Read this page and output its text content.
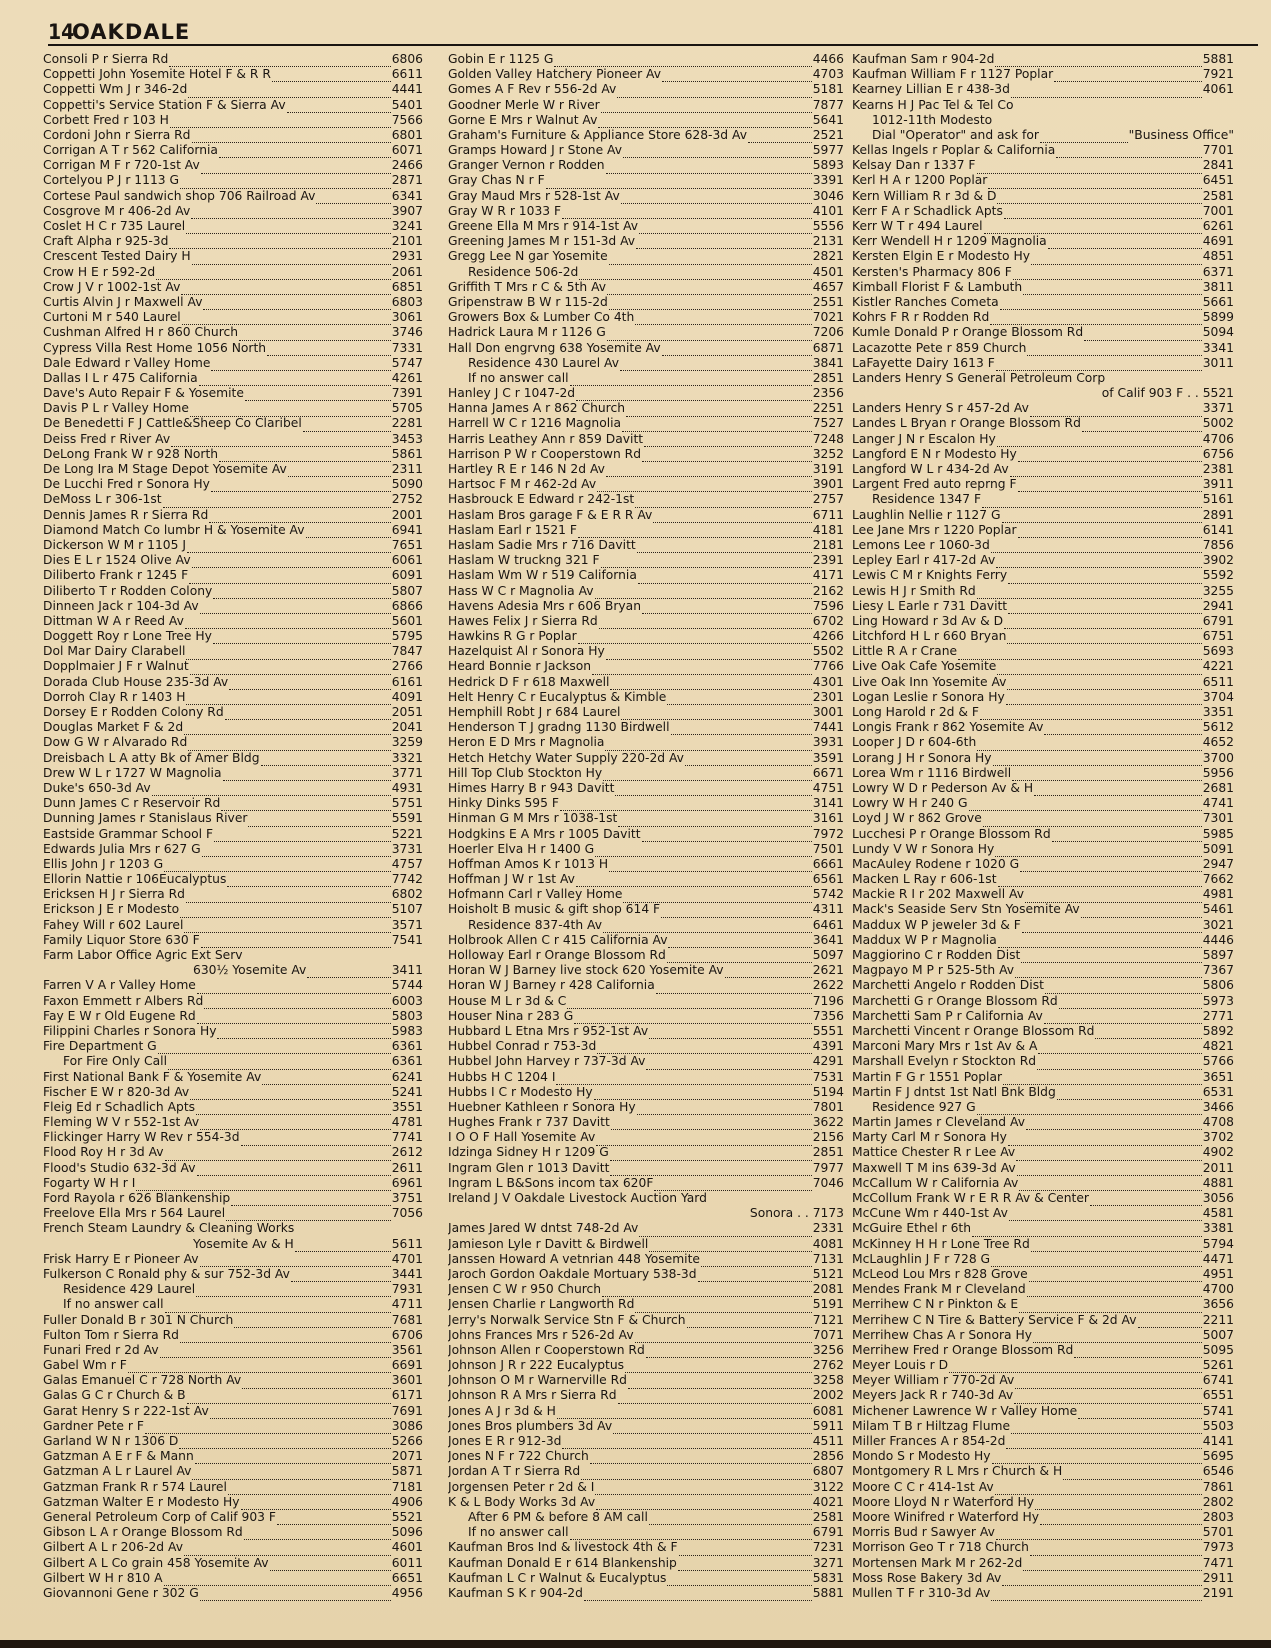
14
OAKDALE
Consoli P r Sierra Rd	6806
Coppetti John Yosemite Hotel F & R R	6611
Coppetti Wm J r 346-2d	4441
Coppetti's Service Station F & Sierra Av	5401
Corbett Fred r 103 H	7566
Cordoni John r Sierra Rd	6801
Corrigan A T r 562 California	6071
Corrigan M F r 720-1st Av	2466
Cortelyou P J r 1113 G	2871
Cortese Paul sandwich shop 706 Railroad Av	6341
Cosgrove M r 406-2d Av	3907
Coslet H C r 735 Laurel	3241
Craft Alpha r 925-3d	2101
Crescent Tested Dairy H	2931
Crow H E r 592-2d	2061
Crow J V r 1002-1st Av	6851
Curtis Alvin J r Maxwell Av	6803
Curtoni M r 540 Laurel	3061
Cushman Alfred H r 860 Church	3746
Cypress Villa Rest Home 1056 North	7331
Dale Edward r Valley Home	5747
Dallas I L r 475 California	4261
Dave's Auto Repair F & Yosemite	7391
Davis P L r Valley Home	5705
De Benedetti F J Cattle&Sheep Co Claribel	2281
Deiss Fred r River Av	3453
DeLong Frank W r 928 North	5861
De Long Ira M Stage Depot Yosemite Av	2311
De Lucchi Fred r Sonora Hy	5090
DeMoss L r 306-1st	2752
Dennis James R r Sierra Rd	2001
Diamond Match Co lumbr H & Yosemite Av	6941
Dickerson W M r 1105 J	7651
Dies E L r 1524 Olive Av	6061
Diliberto Frank r 1245 F	6091
Diliberto T r Rodden Colony	5807
Dinneen Jack r 104-3d Av	6866
Dittman W A r Reed Av	5601
Doggett Roy r Lone Tree Hy	5795
Dol Mar Dairy Clarabell	7847
Dopplmaier J F r Walnut	2766
Dorada Club House 235-3d Av	6161
Dorroh Clay R r 1403 H	4091
Dorsey E r Rodden Colony Rd	2051
Douglas Market F & 2d	2041
Dow G W r Alvarado Rd	3259
Dreisbach L A atty Bk of Amer Bldg	3321
Drew W L r 1727 W Magnolia	3771
Duke's 650-3d Av	4931
Dunn James C r Reservoir Rd	5751
Dunning James r Stanislaus River	5591
Eastside Grammar School F	5221
Edwards Julia Mrs r 627 G	3731
Ellis John J r 1203 G	4757
Ellorin Nattie r 106Eucalyptus	7742
Ericksen H J r Sierra Rd	6802
Erickson J E r Modesto	5107
Fahey Will r 602 Laurel	3571
Family Liquor Store 630 F	7541
Farm Labor Office Agric Ext Serv
630½ Yosemite Av	3411
Farren V A r Valley Home	5744
Faxon Emmett r Albers Rd	6003
Fay E W r Old Eugene Rd	5803
Filippini Charles r Sonora Hy	5983
Fire Department G	6361
For Fire Only Call	6361
First National Bank F & Yosemite Av	6241
Fischer E W r 820-3d Av	5241
Fleig Ed r Schadlich Apts	3551
Fleming W V r 552-1st Av	4781
Flickinger Harry W Rev r 554-3d	7741
Flood Roy H r 3d Av	2612
Flood's Studio 632-3d Av	2611
Fogarty W H r I	6961
Ford Rayola r 626 Blankenship	3751
Freelove Ella Mrs r 564 Laurel	7056
French Steam Laundry & Cleaning Works
Yosemite Av & H	5611
Frisk Harry E r Pioneer Av	4701
Fulkerson C Ronald phy & sur 752-3d Av	3441
Residence 429 Laurel	7931
If no answer call	4711
Fuller Donald B r 301 N Church	7681
Fulton Tom r Sierra Rd	6706
Funari Fred r 2d Av	3561
Gabel Wm r F	6691
Galas Emanuel C r 728 North Av	3601
Galas G C r Church & B	6171
Garat Henry S r 222-1st Av	7691
Gardner Pete r F	3086
Garland W N r 1306 D	5266
Gatzman A E r F & Mann	2071
Gatzman A L r Laurel Av	5871
Gatzman Frank R r 574 Laurel	7181
Gatzman Walter E r Modesto Hy	4906
General Petroleum Corp of Calif 903 F	5521
Gibson L A r Orange Blossom Rd	5096
Gilbert A L r 206-2d Av	4601
Gilbert A L Co grain 458 Yosemite Av	6011
Gilbert W H r 810 A	6651
Giovannoni Gene r 302 G	4956
Gobin E r 1125 G	4466
Golden Valley Hatchery Pioneer Av	4703
Gomes A F Rev r 556-2d Av	5181
Goodner Merle W r River	7877
Gorne E Mrs r Walnut Av	5641
Graham's Furniture & Appliance Store 628-3d Av	2521
Gramps Howard J r Stone Av	5977
Granger Vernon r Rodden	5893
Gray Chas N r F	3391
Gray Maud Mrs r 528-1st Av	3046
Gray W R r 1033 F	4101
Greene Ella M Mrs r 914-1st Av	5556
Greening James M r 151-3d Av	2131
Gregg Lee N gar Yosemite	2821
Residence 506-2d	4501
Griffith T Mrs r C & 5th Av	4657
Gripenstraw B W r 115-2d	2551
Growers Box & Lumber Co 4th	7021
Hadrick Laura M r 1126 G	7206
Hall Don engrvng 638 Yosemite Av	6871
Residence 430 Laurel Av	3841
If no answer call	2851
Hanley J C r 1047-2d	2356
Hanna James A r 862 Church	2251
Harrell W C r 1216 Magnolia	7527
Harris Leathey Ann r 859 Davitt	7248
Harrison P W r Cooperstown Rd	3252
Hartley R E r 146 N 2d Av	3191
Hartsoc F M r 462-2d Av	3901
Hasbrouck E Edward r 242-1st	2757
Haslam Bros garage F & E R R Av	6711
Haslam Earl r 1521 F	4181
Haslam Sadie Mrs r 716 Davitt	2181
Haslam W truckng 321 F	2391
Haslam Wm W r 519 California	4171
Hass W C r Magnolia Av	2162
Havens Adesia Mrs r 606 Bryan	7596
Hawes Felix J r Sierra Rd	6702
Hawkins R G r Poplar	4266
Hazelquist Al r Sonora Hy	5502
Heard Bonnie r Jackson	7766
Hedrick D F r 618 Maxwell	4301
Helt Henry C r Eucalyptus & Kimble	2301
Hemphill Robt J r 684 Laurel	3001
Henderson T J gradng 1130 Birdwell	7441
Heron E D Mrs r Magnolia	3931
Hetch Hetchy Water Supply 220-2d Av	3591
Hill Top Club Stockton Hy	6671
Himes Harry B r 943 Davitt	4751
Hinky Dinks 595 F	3141
Hinman G M Mrs r 1038-1st	3161
Hodgkins E A Mrs r 1005 Davitt	7972
Hoerler Elva H r 1400 G	7501
Hoffman Amos K r 1013 H	6661
Hoffman J W r 1st Av	6561
Hofmann Carl r Valley Home	5742
Hoisholt B music & gift shop 614 F	4311
Residence 837-4th Av	6461
Holbrook Allen C r 415 California Av	3641
Holloway Earl r Orange Blossom Rd	5097
Horan W J Barney live stock 620 Yosemite Av	2621
Horan W J Barney r 428 California	2622
House M L r 3d & C	7196
Houser Nina r 283 G	7356
Hubbard L Etna Mrs r 952-1st Av	5551
Hubbel Conrad r 753-3d	4391
Hubbel John Harvey r 737-3d Av	4291
Hubbs H C 1204 I	7531
Hubbs I C r Modesto Hy	5194
Huebner Kathleen r Sonora Hy	7801
Hughes Frank r 737 Davitt	3622
I O O F Hall Yosemite Av	2156
Idzinga Sidney H r 1209 G	2851
Ingram Glen r 1013 Davitt	7977
Ingram L B&Sons incom tax 620F	7046
Ireland J V Oakdale Livestock Auction Yard
Sonora . . 7173
James Jared W dntst 748-2d Av	2331
Jamieson Lyle r Davitt & Birdwell	4081
Janssen Howard A vetnrian 448 Yosemite	7131
Jaroch Gordon Oakdale Mortuary 538-3d	5121
Jensen C W r 950 Church	2081
Jensen Charlie r Langworth Rd	5191
Jerry's Norwalk Service Stn F & Church	7121
Johns Frances Mrs r 526-2d Av	7071
Johnson Allen r Cooperstown Rd	3256
Johnson J R r 222 Eucalyptus	2762
Johnson O M r Warnerville Rd	3258
Johnson R A Mrs r Sierra Rd	2002
Jones A J r 3d & H	6081
Jones Bros plumbers 3d Av	5911
Jones E R r 912-3d	4511
Jones N F r 722 Church	2856
Jordan A T r Sierra Rd	6807
Jorgensen Peter r 2d & I	3122
K & L Body Works 3d Av	4021
After 6 PM & before 8 AM call	2581
If no answer call	6791
Kaufman Bros Ind & livestock 4th & F	7231
Kaufman Donald E r 614 Blankenship	3271
Kaufman L C r Walnut & Eucalyptus	5831
Kaufman S K r 904-2d	5881
Kaufman Sam r 904-2d	5881
Kaufman William F r 1127 Poplar	7921
Kearney Lillian E r 438-3d	4061
Kearns H J Pac Tel & Tel Co
1012-11th Modesto
Dial "Operator" and ask for	"Business Office"
Kellas Ingels r Poplar & California	7701
Kelsay Dan r 1337 F	2841
Kerl H A r 1200 Poplar	6451
Kern William R r 3d & D	2581
Kerr F A r Schadlick Apts	7001
Kerr W T r 494 Laurel	6261
Kerr Wendell H r 1209 Magnolia	4691
Kersten Elgin E r Modesto Hy	4851
Kersten's Pharmacy 806 F	6371
Kimball Florist F & Lambuth	3811
Kistler Ranches Cometa	5661
Kohrs F R r Rodden Rd	5899
Kumle Donald P r Orange Blossom Rd	5094
Lacazotte Pete r 859 Church	3341
LaFayette Dairy 1613 F	3011
Landers Henry S General Petroleum Corp
of Calif 903 F . . 5521
Landers Henry S r 457-2d Av	3371
Landes L Bryan r Orange Blossom Rd	5002
Langer J N r Escalon Hy	4706
Langford E N r Modesto Hy	6756
Langford W L r 434-2d Av	2381
Largent Fred auto reprng F	3911
Residence 1347 F	5161
Laughlin Nellie r 1127 G	2891
Lee Jane Mrs r 1220 Poplar	6141
Lemons Lee r 1060-3d	7856
Lepley Earl r 417-2d Av	3902
Lewis C M r Knights Ferry	5592
Lewis H J r Smith Rd	3255
Liesy L Earle r 731 Davitt	2941
Ling Howard r 3d Av & D	6791
Litchford H L r 660 Bryan	6751
Little R A r Crane	5693
Live Oak Cafe Yosemite	4221
Live Oak Inn Yosemite Av	6511
Logan Leslie r Sonora Hy	3704
Long Harold r 2d & F	3351
Longis Frank r 862 Yosemite Av	5612
Looper J D r 604-6th	4652
Lorang J H r Sonora Hy	3700
Lorea Wm r 1116 Birdwell	5956
Lowry W D r Pederson Av & H	2681
Lowry W H r 240 G	4741
Loyd J W r 862 Grove	7301
Lucchesi P r Orange Blossom Rd	5985
Lundy V W r Sonora Hy	5091
MacAuley Rodene r 1020 G	2947
Macken L Ray r 606-1st	7662
Mackie R I r 202 Maxwell Av	4981
Mack's Seaside Serv Stn Yosemite Av	5461
Maddux W P jeweler 3d & F	3021
Maddux W P r Magnolia	4446
Maggiorino C r Rodden Dist	5897
Magpayo M P r 525-5th Av	7367
Marchetti Angelo r Rodden Dist	5806
Marchetti G r Orange Blossom Rd	5973
Marchetti Sam P r California Av	2771
Marchetti Vincent r Orange Blossom Rd	5892
Marconi Mary Mrs r 1st Av & A	4821
Marshall Evelyn r Stockton Rd	5766
Martin F G r 1551 Poplar	3651
Martin F J dntst 1st Natl Bnk Bldg	6531
Residence 927 G	3466
Martin James r Cleveland Av	4708
Marty Carl M r Sonora Hy	3702
Mattice Chester R r Lee Av	4902
Maxwell T M ins 639-3d Av	2011
McCallum W r California Av	4881
McCollum Frank W r E R R Av & Center	3056
McCune Wm r 440-1st Av	4581
McGuire Ethel r 6th	3381
McKinney H H r Lone Tree Rd	5794
McLaughlin J F r 728 G	4471
McLeod Lou Mrs r 828 Grove	4951
Mendes Frank M r Cleveland	4700
Merrihew C N r Pinkton & E	3656
Merrihew C N Tire & Battery Service F & 2d Av	2211
Merrihew Chas A r Sonora Hy	5007
Merrihew Fred r Orange Blossom Rd	5095
Meyer Louis r D	5261
Meyer William r 770-2d Av	6741
Meyers Jack R r 740-3d Av	6551
Michener Lawrence W r Valley Home	5741
Milam T B r Hiltzag Flume	5503
Miller Frances A r 854-2d	4141
Mondo S r Modesto Hy	5695
Montgomery R L Mrs r Church & H	6546
Moore C C r 414-1st Av	7861
Moore Lloyd N r Waterford Hy	2802
Moore Winifred r Waterford Hy	2803
Morris Bud r Sawyer Av	5701
Morrison Geo T r 718 Church	7973
Mortensen Mark M r 262-2d	7471
Moss Rose Bakery 3d Av	2911
Mullen T F r 310-3d Av	2191
